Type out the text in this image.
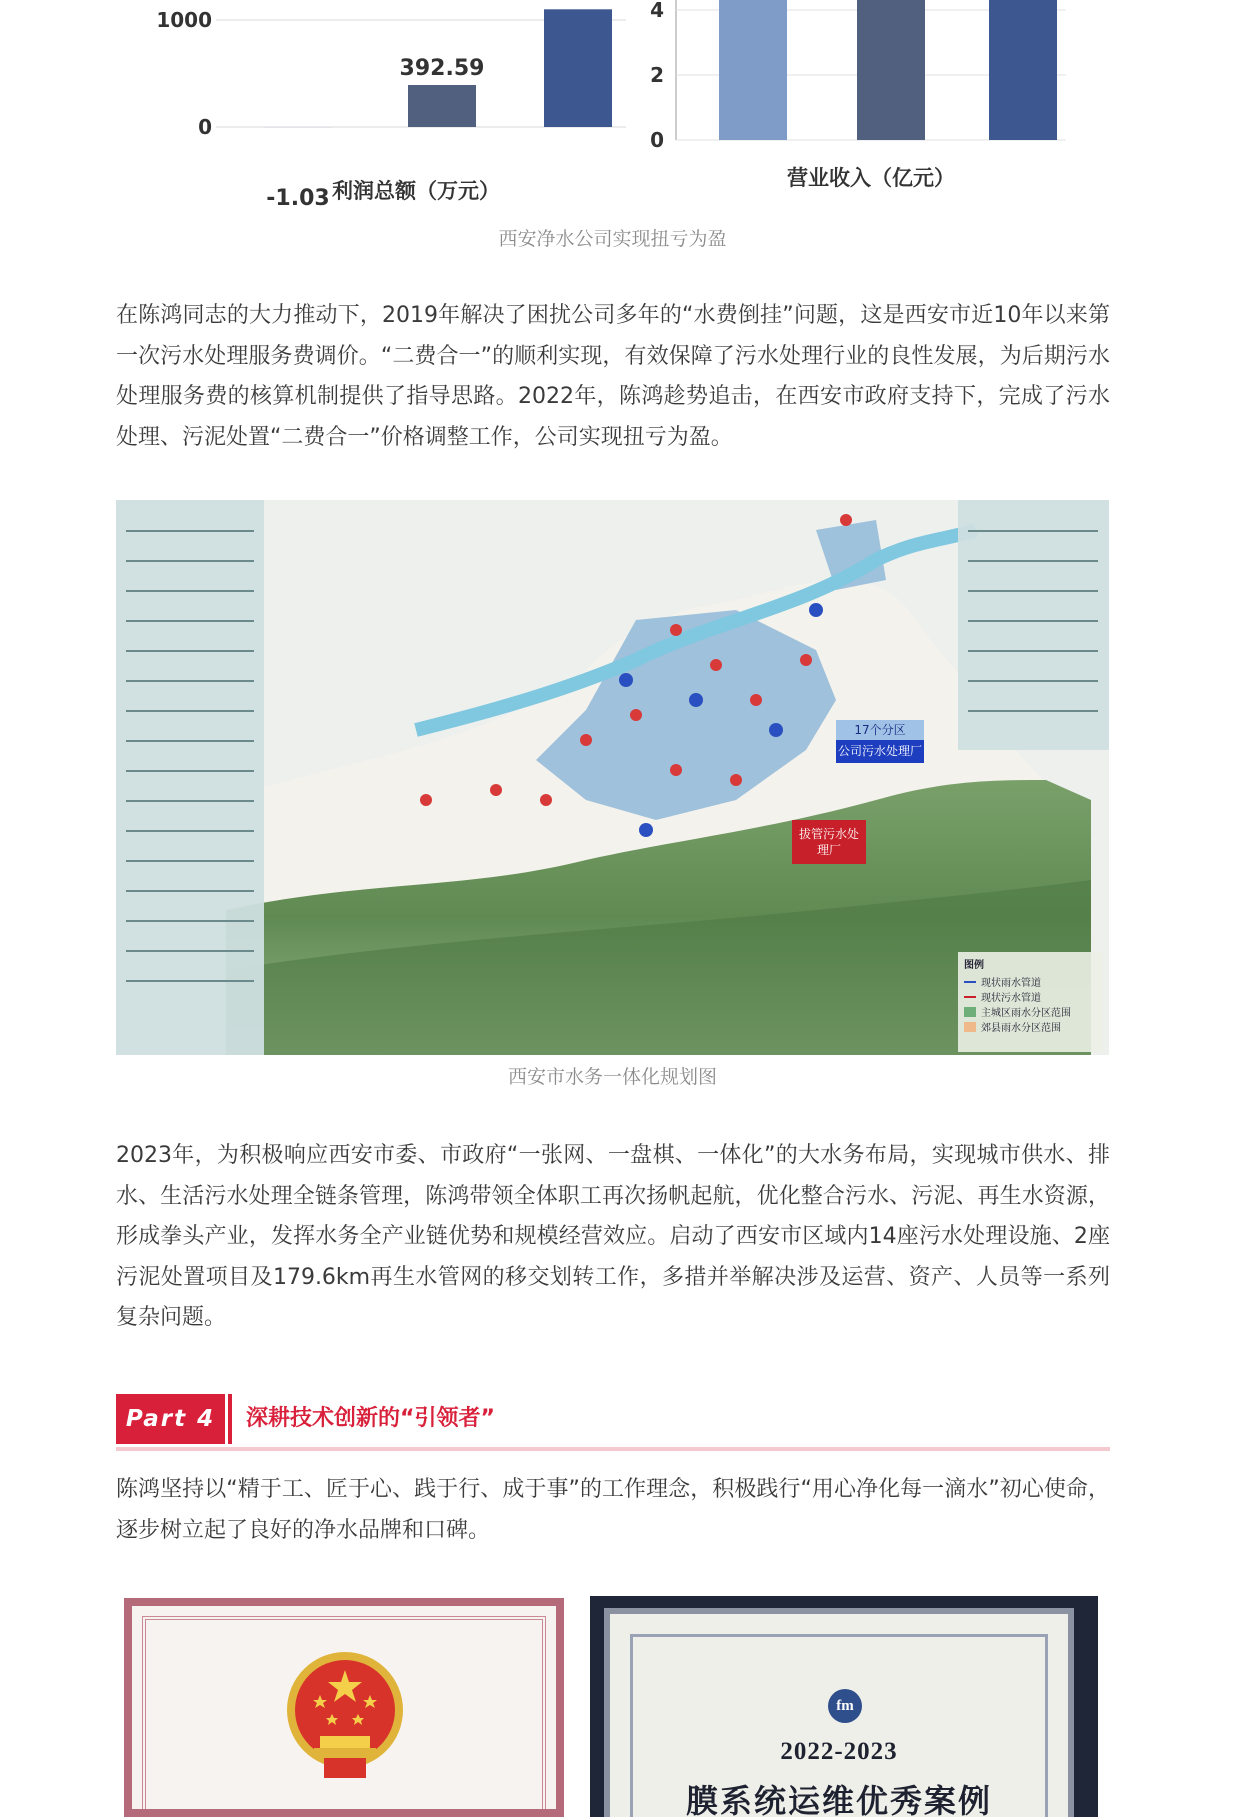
1000
0
-1.03
392.59
利润总额（万元）
4
2
0
营业收入（亿元）
西安净水公司实现扭亏为盈
在陈鸿同志的大力推动下，2019年解决了困扰公司多年的“水费倒挂”问题，这是西安市近10年以来第一次污水处理服务费调价。“二费合一”的顺利实现，有效保障了污水处理行业的良性发展，为后期污水处理服务费的核算机制提供了指导思路。2022年，陈鸿趁势追击，在西安市政府支持下，完成了污水处理、污泥处置“二费合一”价格调整工作，公司实现扭亏为盈。
17个分区
公司污水处理厂
拔管污水处理厂
图例
现状雨水管道
现状污水管道
主城区雨水分区范围
郊县雨水分区范围
西安市水务一体化规划图
2023年，为积极响应西安市委、市政府“一张网、一盘棋、一体化”的大水务布局，实现城市供水、排水、生活污水处理全链条管理，陈鸿带领全体职工再次扬帆起航，优化整合污水、污泥、再生水资源，形成拳头产业，发挥水务全产业链优势和规模经营效应。启动了西安市区域内14座污水处理设施、2座污泥处置项目及179.6km再生水管网的移交划转工作，多措并举解决涉及运营、资产、人员等一系列复杂问题。
Part 4	深耕技术创新的“引领者”
陈鸿坚持以“精于工、匠于心、践于行、成于事”的工作理念，积极践行“用心净化每一滴水”初心使命，逐步树立起了良好的净水品牌和口碑。
fm
2022-2023
膜系统运维优秀案例
